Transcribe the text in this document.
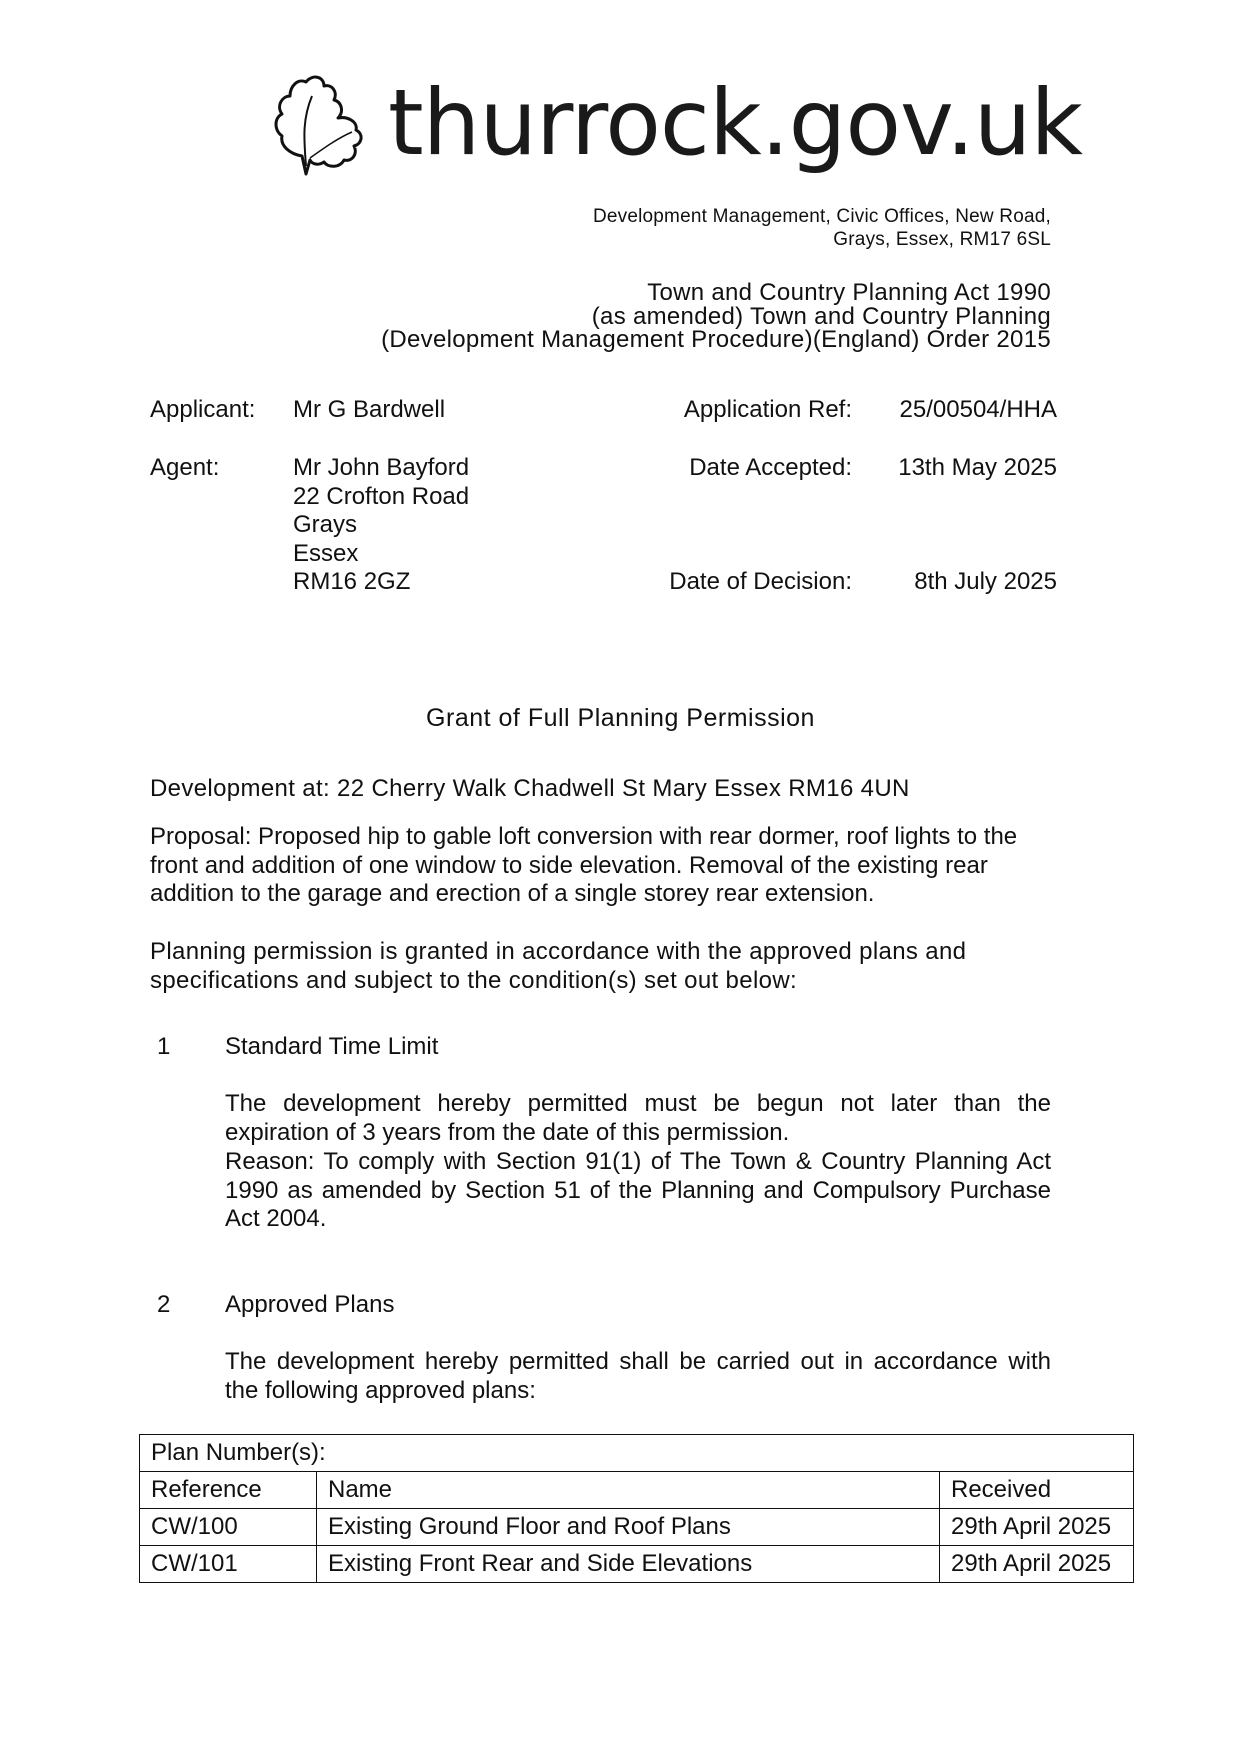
thurrock.gov.uk
Development Management, Civic Offices, New Road,
Grays, Essex, RM17 6SL
Town and Country Planning Act 1990
(as amended) Town and Country Planning
(Development Management Procedure)(England) Order 2015
Applicant: Mr G Bardwell	Application Ref: 25/00504/HHA
Agent:	Mr John Bayford
22 Crofton Road
Grays
Essex
RM16 2GZ
Date Accepted: 13th May 2025
Date of Decision:	8th July 2025
Grant of Full Planning Permission
Development at: 22 Cherry Walk Chadwell St Mary Essex RM16 4UN
Proposal: Proposed hip to gable loft conversion with rear dormer, roof lights to the front and addition of one window to side elevation. Removal of the existing rear addition to the garage and erection of a single storey rear extension.
Planning permission is granted in accordance with the approved plans and specifications and subject to the condition(s) set out below:
1 Standard Time Limit
The development hereby permitted must be begun not later than the expiration of 3 years from the date of this permission.
Reason: To comply with Section 91(1) of The Town & Country Planning Act 1990 as amended by Section 51 of the Planning and Compulsory Purchase Act 2004.
2 Approved Plans
The development hereby permitted shall be carried out in accordance with the following approved plans:
Plan Number(s):		
Reference	Name	Received
CW/100	Existing Ground Floor and Roof Plans	29th April 2025
CW/101	Existing Front Rear and Side Elevations	29th April 2025
